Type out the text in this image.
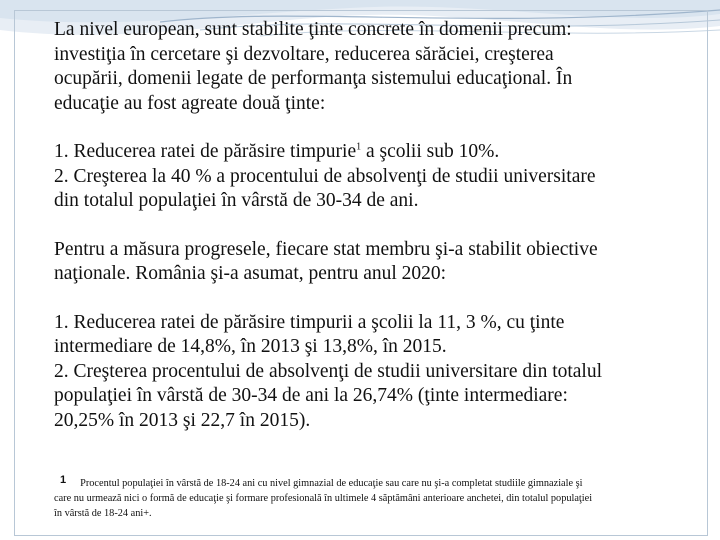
La nivel european, sunt stabilite ţinte concrete în domenii precum:
investiţia în cercetare şi dezvoltare, reducerea sărăciei, creşterea
ocupării, domenii legate de performanţa sistemului educaţional. În
educaţie au fost agreate două ţinte:

1. Reducerea ratei de părăsire timpurie$^1$ a şcolii sub 10%.
2. Creşterea la 40 % a procentului de absolvenţi de studii universitare
din totalul populaţiei în vârstă de 30-34 de ani.

Pentru a măsura progresele, fiecare stat membru şi-a stabilit obiective
naţionale. România şi-a asumat, pentru anul 2020:

1. Reducerea ratei de părăsire timpurii a şcolii la 11, 3 %, cu ţinte
intermediare de 14,8%, în 2013 şi 13,8%, în 2015.
2. Creşterea procentului de absolvenţi de studii universitare din totalul
populaţiei în vârstă de 30-34 de ani la 26,74% (ţinte intermediare:
20,25% în 2013 şi 22,7 în 2015).

1 Procentul populaţiei în vârstă de 18-24 ani cu nivel gimnazial de educaţie sau care nu şi-a completat studiile gimnaziale şi
care nu urmează nici o formă de educaţie şi formare profesională în ultimele 4 săptămâni anterioare anchetei, din totalul populaţiei
în vârstă de 18-24 ani+.
